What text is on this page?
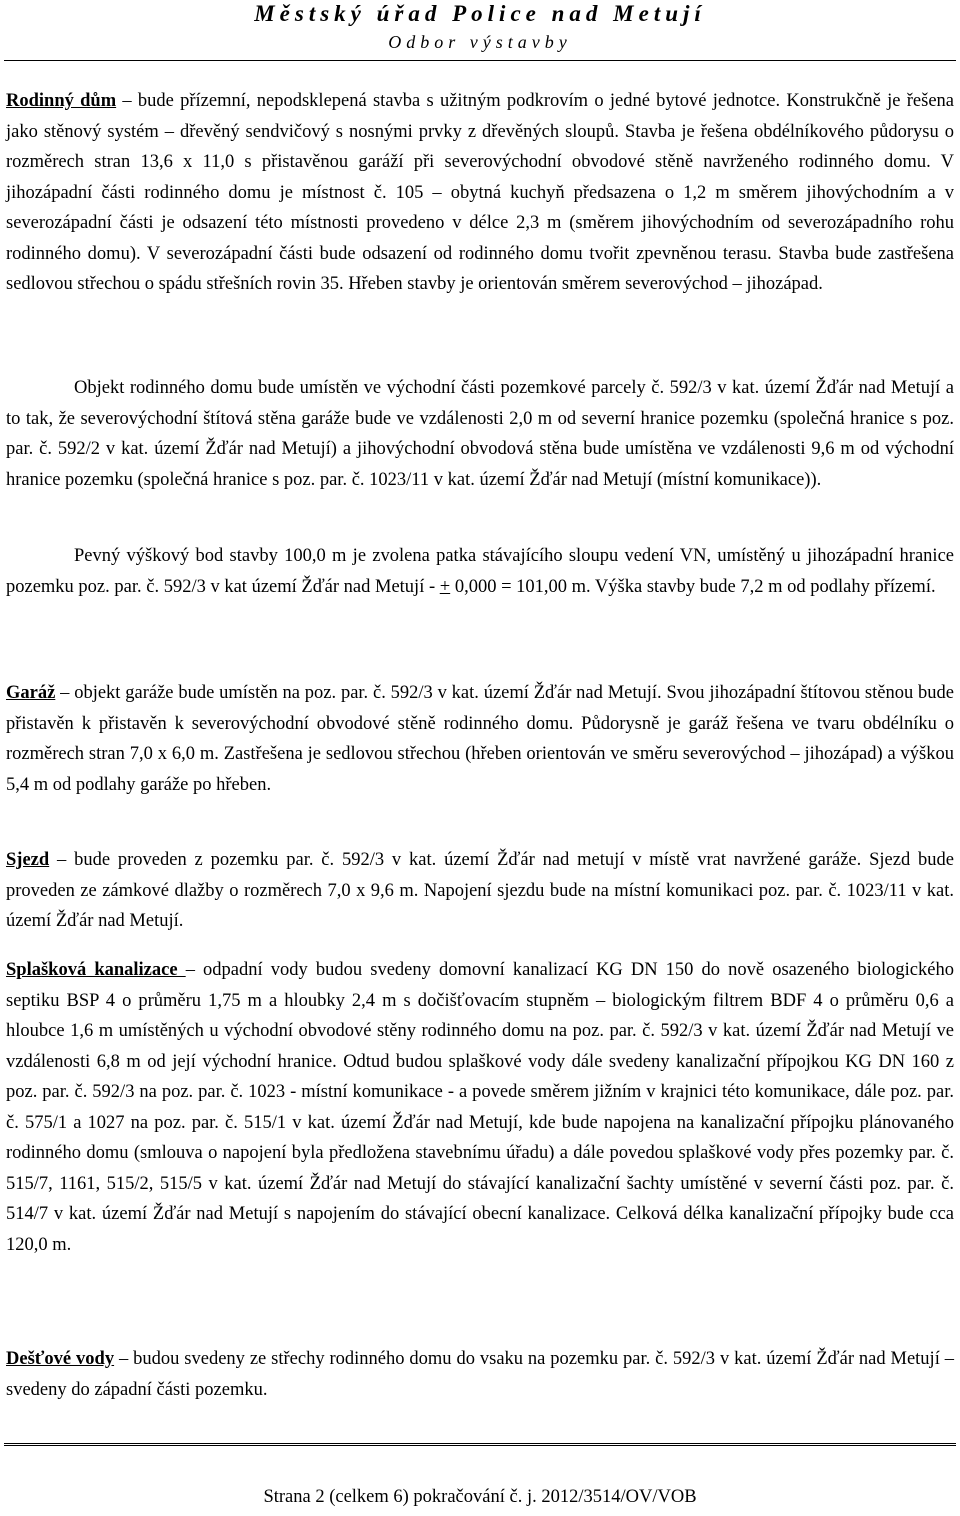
Městský úřad Police nad Metují
Odbor výstavby

Rodinný dům – bude přízemní, nepodsklepená stavba s užitným podkrovím o jedné bytové jednotce. Konstrukčně je řešena jako stěnový systém – dřevěný sendvičový s nosnými prvky z dřevěných sloupů. Stavba je řešena obdélníkového půdorysu o rozměrech stran 13,6 x 11,0 s přistavěnou garáží při severovýchodní obvodové stěně navrženého rodinného domu. V jihozápadní části rodinného domu je místnost č. 105 – obytná kuchyň předsazena o 1,2 m směrem jihovýchodním a v severozápadní části je odsazení této místnosti provedeno v délce 2,3 m (směrem jihovýchodním od severozápadního rohu rodinného domu). V severozápadní části bude odsazení od rodinného domu tvořit zpevněnou terasu. Stavba bude zastřešena sedlovou střechou o spádu střešních rovin 35. Hřeben stavby je orientován směrem severovýchod – jihozápad.

Objekt rodinného domu bude umístěn ve východní části pozemkové parcely č. 592/3 v kat. území Žďár nad Metují a to tak, že severovýchodní štítová stěna garáže bude ve vzdálenosti 2,0 m od severní hranice pozemku (společná hranice s poz. par. č. 592/2 v kat. území Žďár nad Metují) a jihovýchodní obvodová stěna bude umístěna ve vzdálenosti 9,6 m od východní hranice pozemku (společná hranice s poz. par. č. 1023/11 v kat. území Žďár nad Metují (místní komunikace)).

Pevný výškový bod stavby 100,0 m je zvolena patka stávajícího sloupu vedení VN, umístěný u jihozápadní hranice pozemku poz. par. č. 592/3 v kat území Žďár nad Metují - + 0,000 = 101,00 m. Výška stavby bude 7,2 m od podlahy přízemí.

Garáž – objekt garáže bude umístěn na poz. par. č. 592/3 v kat. území Žďár nad Metují. Svou jihozápadní štítovou stěnou bude přistavěn k přistavěn k severovýchodní obvodové stěně rodinného domu. Půdorysně je garáž řešena ve tvaru obdélníku o rozměrech stran 7,0 x 6,0 m. Zastřešena je sedlovou střechou (hřeben orientován ve směru severovýchod – jihozápad) a výškou 5,4 m od podlahy garáže po hřeben.

Sjezd – bude proveden z pozemku par. č. 592/3 v kat. území Žďár nad metují v místě vrat navržené garáže. Sjezd bude proveden ze zámkové dlažby o rozměrech 7,0 x 9,6 m. Napojení sjezdu bude na místní komunikaci poz. par. č. 1023/11 v kat. území Žďár nad Metují.

Splašková kanalizace – odpadní vody budou svedeny domovní kanalizací KG DN 150 do nově osazeného biologického septiku BSP 4 o průměru 1,75 m a hloubky 2,4 m s dočišťovacím stupněm – biologickým filtrem BDF 4 o průměru 0,6 a hloubce 1,6 m umístěných u východní obvodové stěny rodinného domu na poz. par. č. 592/3 v kat. území Žďár nad Metují ve vzdálenosti 6,8 m od její východní hranice. Odtud budou splaškové vody dále svedeny kanalizační přípojkou KG DN 160 z poz. par. č. 592/3 na poz. par. č. 1023 - místní komunikace - a povede směrem jižním v krajnici této komunikace, dále poz. par. č. 575/1 a 1027 na poz. par. č. 515/1 v kat. území Žďár nad Metují, kde bude napojena na kanalizační přípojku plánovaného rodinného domu (smlouva o napojení byla předložena stavebnímu úřadu) a dále povedou splaškové vody přes pozemky par. č. 515/7, 1161, 515/2, 515/5 v kat. území Žďár nad Metují do stávající kanalizační šachty umístěné v severní části poz. par. č. 514/7 v kat. území Žďár nad Metují s napojením do stávající obecní kanalizace. Celková délka kanalizační přípojky bude cca 120,0 m.

Dešťové vody – budou svedeny ze střechy rodinného domu do vsaku na pozemku par. č. 592/3 v kat. území Žďár nad Metují – svedeny do západní části pozemku.

Strana 2 (celkem 6) pokračování č. j. 2012/3514/OV/VOB
